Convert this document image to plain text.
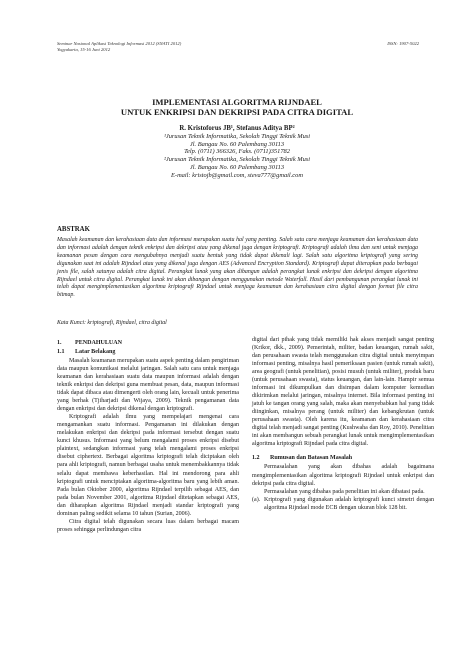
Seminar Nasional Aplikasi Teknologi Informasi 2012 (SNATI 2012)
Yogyakarta, 15-16 Juni 2012
ISSN: 1907-5022
IMPLEMENTASI ALGORITMA RIJNDAEL
UNTUK ENKRIPSI DAN DEKRIPSI PADA CITRA DIGITAL
R. Kristoforus JB¹, Stefanus Aditya BP²
¹Jurusan Teknik Informatika, Sekolah Tinggi Teknik Musi
Jl. Bangau No. 60 Palembang 30113
Telp. (0711) 366326, Faks. (0711)351782
²Jurusan Teknik Informatika, Sekolah Tinggi Teknik Musi
Jl. Bangau No. 60 Palembang 30113
E-mail: kristojb@gmail.com, steva777@gmail.com
ABSTRAK
Masalah keamanan dan kerahasiaan data dan informasi merupakan suatu hal yang penting. Salah satu cara menjaga keamanan dan kerahasiaan data dan informasi adalah dengan teknik enkripsi dan dekripsi atau yang dikenal juga dengan kriptografi. Kriptografi adalah ilmu dan seni untuk menjaga keamanan pesan dengan cara mengubahnya menjadi suatu bentuk yang tidak dapat dikenali lagi. Salah satu algoritma kriptografi yang sering digunakan saat ini adalah Rijndael atau yang dikenal juga dengan AES (Advanced Encryption Standard). Kriptografi dapat diterapkan pada berbagai jenis file, salah satunya adalah citra digital. Perangkat lunak yang akan dibangun adalah perangkat lunak enkripsi dan dekripsi dengan algoritma Rijndael untuk citra digital. Perangkat lunak ini akan dibangun dengan menggunakan metode Waterfall. Hasil dari pembangunan perangkat lunak ini telah dapat mengimplementasikan algoritma kriptografi Rijndael untuk menjaga keamanan dan kerahasiaan citra digital dengan format file citra bitmap.
Kata Kunci: kriptografi, Rijndael, citra digital
1. PENDAHULUAN
1.1 Latar Belakang

Masalah keamanan merupakan suatu aspek penting dalam pengiriman data maupun komunikasi melalui jaringan. Salah satu cara untuk menjaga keamanan dan kerahasiaan suatu data maupun informasi adalah dengan teknik enkripsi dan dekripsi guna membuat pesan, data, maupun informasi tidak dapat dibaca atau dimengerti oleh orang lain, kecuali untuk penerima yang berhak (Tjiharjadi dan Wijaya, 2009). Teknik pengamanan data dengan enkripsi dan dekripsi dikenal dengan kriptografi.

Kriptografi adalah ilmu yang mempelajari mengenai cara mengamankan suatu informasi. Pengamanan ini dilakukan dengan melakukan enkripsi dan dekripsi pada informasi tersebut dengan suatu kunci khusus. Informasi yang belum mengalami proses enkripsi disebut plaintext, sedangkan informasi yang telah mengalami proses enkripsi disebut ciphertext. Berbagai algoritma kriptografi telah diciptakan oleh para ahli kriptografi, namun berbagai usaha untuk menembakkannya tidak selalu dapat membawa keberhasilan. Hal ini mendorong para ahli kriptografi untuk menciptakan algoritma-algoritma baru yang lebih aman. Pada bulan Oktober 2000, algoritma Rijndael terpilih sebagai AES, dan pada bulan November 2001, algoritma Rijndael ditetapkan sebagai AES, dan diharapkan algoritma Rijndael menjadi standar kriptografi yang dominan paling sedikit selama 10 tahun (Surian, 2006).

Citra digital telah digunakan secara luas dalam berbagai macam proses sehingga perlindungan citra

digital dari pihak yang tidak memiliki hak akses menjadi sangat penting (Krikor, dkk., 2009). Pemerintah, militer, badan keuangan, rumah sakit, dan perusahaan swasta telah menggunakan citra digital untuk menyimpan informasi penting, misalnya hasil pemeriksaan pasien (untuk rumah sakit), area geografi (untuk penelitian), posisi musuh (untuk militer), produk baru (untuk perusahaan swasta), status keuangan, dan lain-lain. Hampir semua informasi ini dikumpulkan dan disimpan dalam komputer kemudian dikirimkan melalui jaringan, misalnya internet. Bila informasi penting ini jatuh ke tangan orang yang salah, maka akan menyebabkan hal yang tidak diinginkan, misalnya perang (untuk militer) dan kebangkrutan (untuk perusahaan swasta). Oleh karena itu, keamanan dan kerahasiaan citra digital telah menjadi sangat penting (Kushwaha dan Roy, 2010). Penelitian ini akan membangun sebuah perangkat lunak untuk mengimplementasikan algoritma kriptografi Rijndael pada citra digital.

1.2 Rumusan dan Batasan Masalah

Permasalahan yang akan dibahas adalah bagaimana mengimplementasikan algoritma kriptografi Rijndael untuk enkripsi dan dekripsi pada citra digital.

Permasalahan yang dibahas pada penelitian ini akan dibatasi pada.

(a). Kriptografi yang digunakan adalah kriptografi kunci simetri dengan algoritma Rijndael mode ECB dengan ukuran blok 128 bit.
